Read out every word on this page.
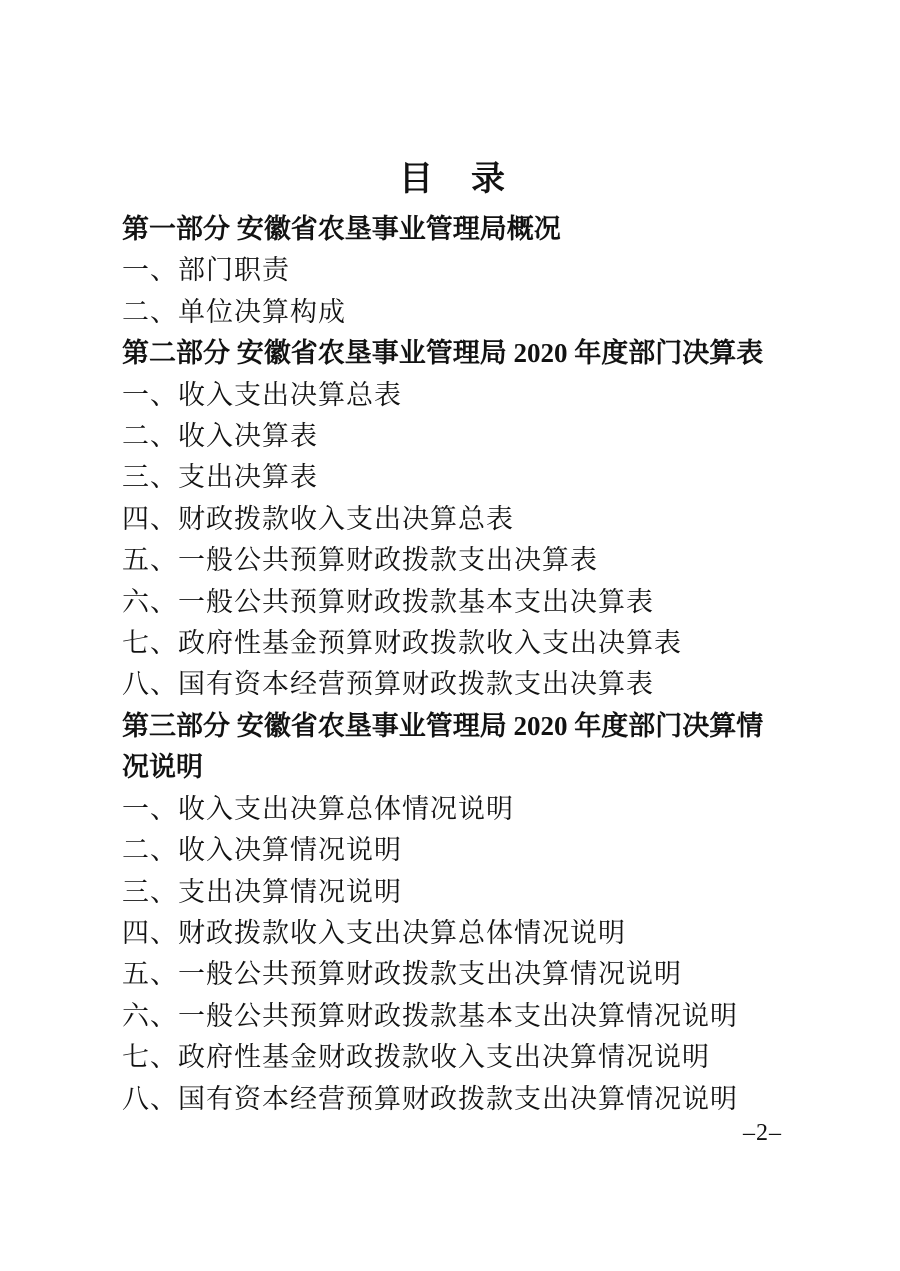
目　录
第一部分 安徽省农垦事业管理局概况
一、部门职责
二、单位决算构成
第二部分 安徽省农垦事业管理局 2020 年度部门决算表
一、收入支出决算总表
二、收入决算表
三、支出决算表
四、财政拨款收入支出决算总表
五、一般公共预算财政拨款支出决算表
六、一般公共预算财政拨款基本支出决算表
七、政府性基金预算财政拨款收入支出决算表
八、国有资本经营预算财政拨款支出决算表
第三部分 安徽省农垦事业管理局 2020 年度部门决算情况说明
一、收入支出决算总体情况说明
二、收入决算情况说明
三、支出决算情况说明
四、财政拨款收入支出决算总体情况说明
五、一般公共预算财政拨款支出决算情况说明
六、一般公共预算财政拨款基本支出决算情况说明
七、政府性基金财政拨款收入支出决算情况说明
八、国有资本经营预算财政拨款支出决算情况说明
–2–
